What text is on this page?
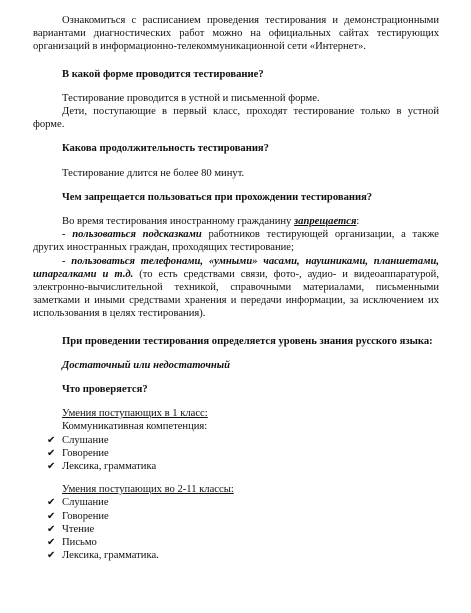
Ознакомиться с расписанием проведения тестирования и демонстрационными вариантами диагностических работ можно на официальных сайтах тестирующих организаций в информационно-телекоммуникационной сети «Интернет».

В какой форме проводится тестирование?

Тестирование проводится в устной и письменной форме.

Дети, поступающие в первый класс, проходят тестирование только в устной форме.

Какова продолжительность тестирования?

Тестирование длится не более 80 минут.

Чем запрещается пользоваться при прохождении тестирования?

Во время тестирования иностранному гражданину запрещается:

- пользоваться подсказками работников тестирующей организации, а также других иностранных граждан, проходящих тестирование;

- пользоваться телефонами, «умными» часами, наушниками, планшетами, шпаргалками и т.д. (то есть средствами связи, фото-, аудио- и видеоаппаратурой, электронно-вычислительной техникой, справочными материалами, письменными заметками и иными средствами хранения и передачи информации, за исключением их использования в целях тестирования).

При проведении тестирования определяется уровень знания русского языка:

Достаточный или недостаточный

Что проверяется?

Умения поступающих в 1 класс:

Коммуникативная компетенция:

✔ Слушание
✔ Говорение
✔ Лексика, грамматика

Умения поступающих во 2-11 классы:

✔ Слушание
✔ Говорение
✔ Чтение
✔ Письмо
✔ Лексика, грамматика.
